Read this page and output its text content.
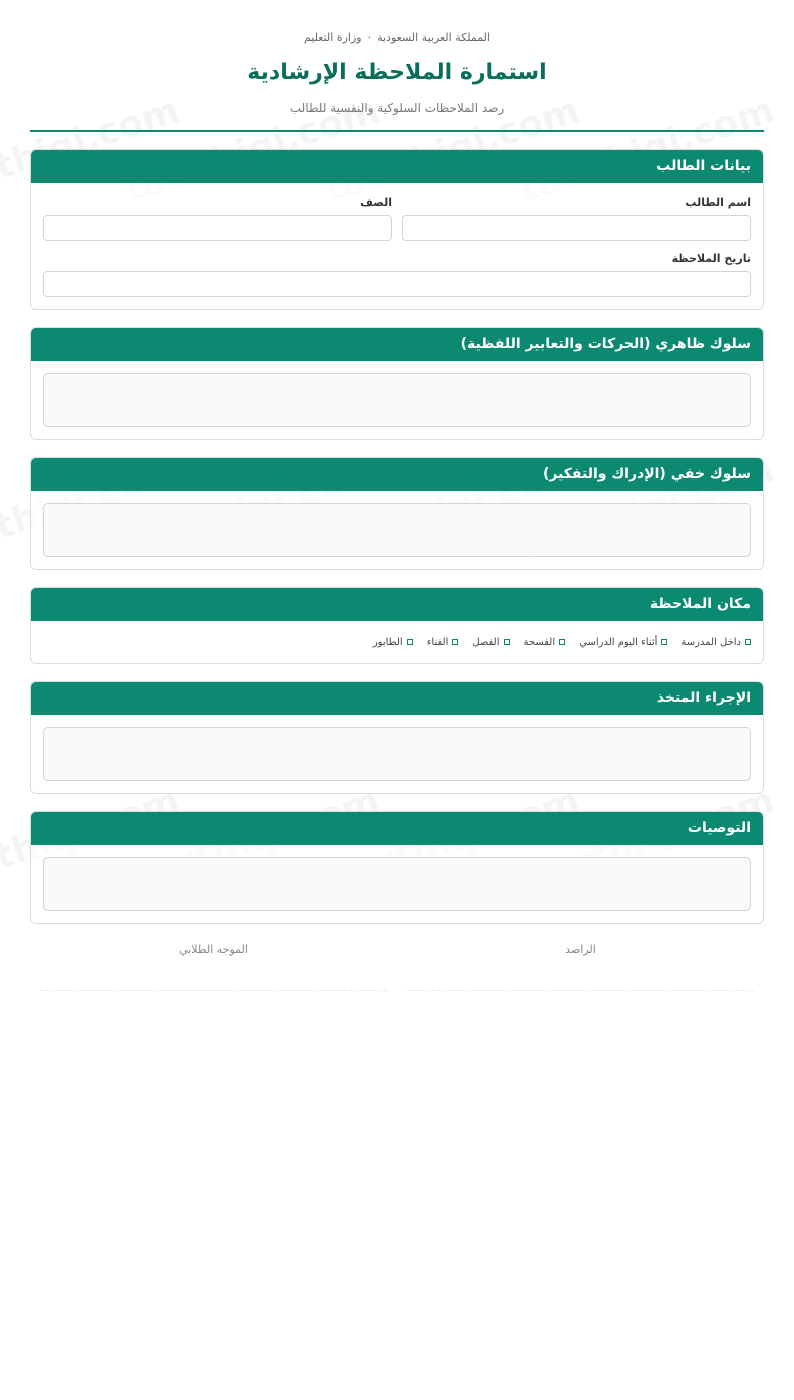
المملكة العربية السعودية·وزارة التعليم
استمارة الملاحظة الإرشادية
رصد الملاحظات السلوكية والنفسية للطالب
بيانات الطالب
اسم الطالب
الصف
تاريخ الملاحظة
سلوك ظاهري (الحركات والتعابير اللفظية)
سلوك خفي (الإدراك والتفكير)
مكان الملاحظة
داخل المدرسة
أثناء اليوم الدراسي
الفسحة
الفصل
الفناء
الطابور
الإجراء المتخذ
التوصيات
الراصد
الموجه الطلابي
